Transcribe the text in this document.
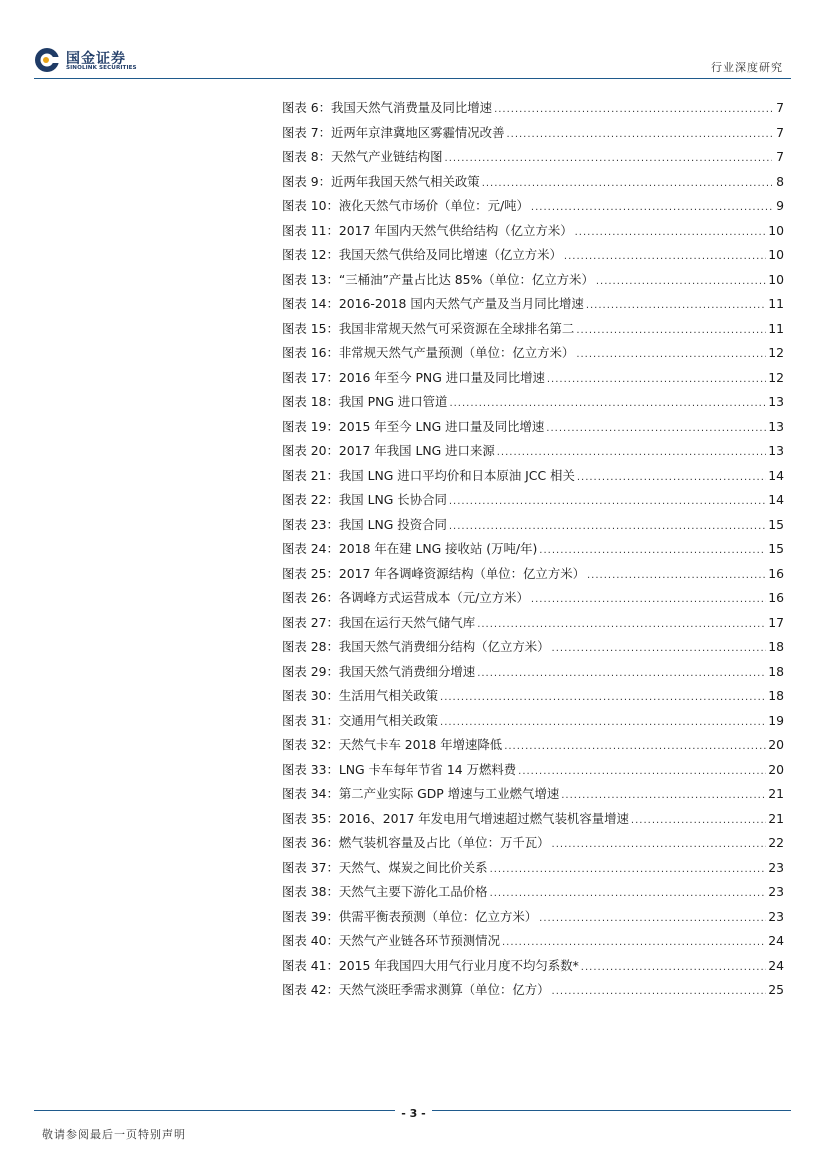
国金证券
SINOLINK SECURITIES	行业深度研究
图表 6：我国天然气消费量及同比增速 .....	7
图表 7：近两年京津冀地区雾霾情况改善 .....	7
图表 8：天然气产业链结构图 .....	7
图表 9：近两年我国天然气相关政策 .....	8
图表 10：液化天然气市场价（单位：元/吨） .....	9
图表 11：2017 年国内天然气供给结构（亿立方米） .....	10
图表 12：我国天然气供给及同比增速（亿立方米） .....	10
图表 13：“三桶油”产量占比达 85%（单位：亿立方米） .....	10
图表 14：2016-2018 国内天然气产量及当月同比增速 .....	11
图表 15：我国非常规天然气可采资源在全球排名第二 .....	11
图表 16：非常规天然气产量预测（单位：亿立方米） .....	12
图表 17：2016 年至今 PNG 进口量及同比增速 .....	12
图表 18：我国 PNG 进口管道 .....	13
图表 19：2015 年至今 LNG 进口量及同比增速 .....	13
图表 20：2017 年我国 LNG 进口来源 .....	13
图表 21：我国 LNG 进口平均价和日本原油 JCC 相关 .....	14
图表 22：我国 LNG 长协合同 .....	14
图表 23：我国 LNG 投资合同 .....	15
图表 24：2018 年在建 LNG 接收站 (万吨/年) .....	15
图表 25：2017 年各调峰资源结构（单位：亿立方米） .....	16
图表 26：各调峰方式运营成本（元/立方米） .....	16
图表 27：我国在运行天然气储气库 .....	17
图表 28：我国天然气消费细分结构（亿立方米） .....	18
图表 29：我国天然气消费细分增速 .....	18
图表 30：生活用气相关政策 .....	18
图表 31：交通用气相关政策 .....	19
图表 32：天然气卡车 2018 年增速降低 .....	20
图表 33：LNG 卡车每年节省 14 万燃料费 .....	20
图表 34：第二产业实际 GDP 增速与工业燃气增速 .....	21
图表 35：2016、2017 年发电用气增速超过燃气装机容量增速 .....	21
图表 36：燃气装机容量及占比（单位：万千瓦） .....	22
图表 37：天然气、煤炭之间比价关系 .....	23
图表 38：天然气主要下游化工品价格 .....	23
图表 39：供需平衡表预测（单位：亿立方米） .....	23
图表 40：天然气产业链各环节预测情况 .....	24
图表 41：2015 年我国四大用气行业月度不均匀系数* .....	24
图表 42：天然气淡旺季需求测算（单位：亿方） .....	25
- 3 -
敬请参阅最后一页特别声明
